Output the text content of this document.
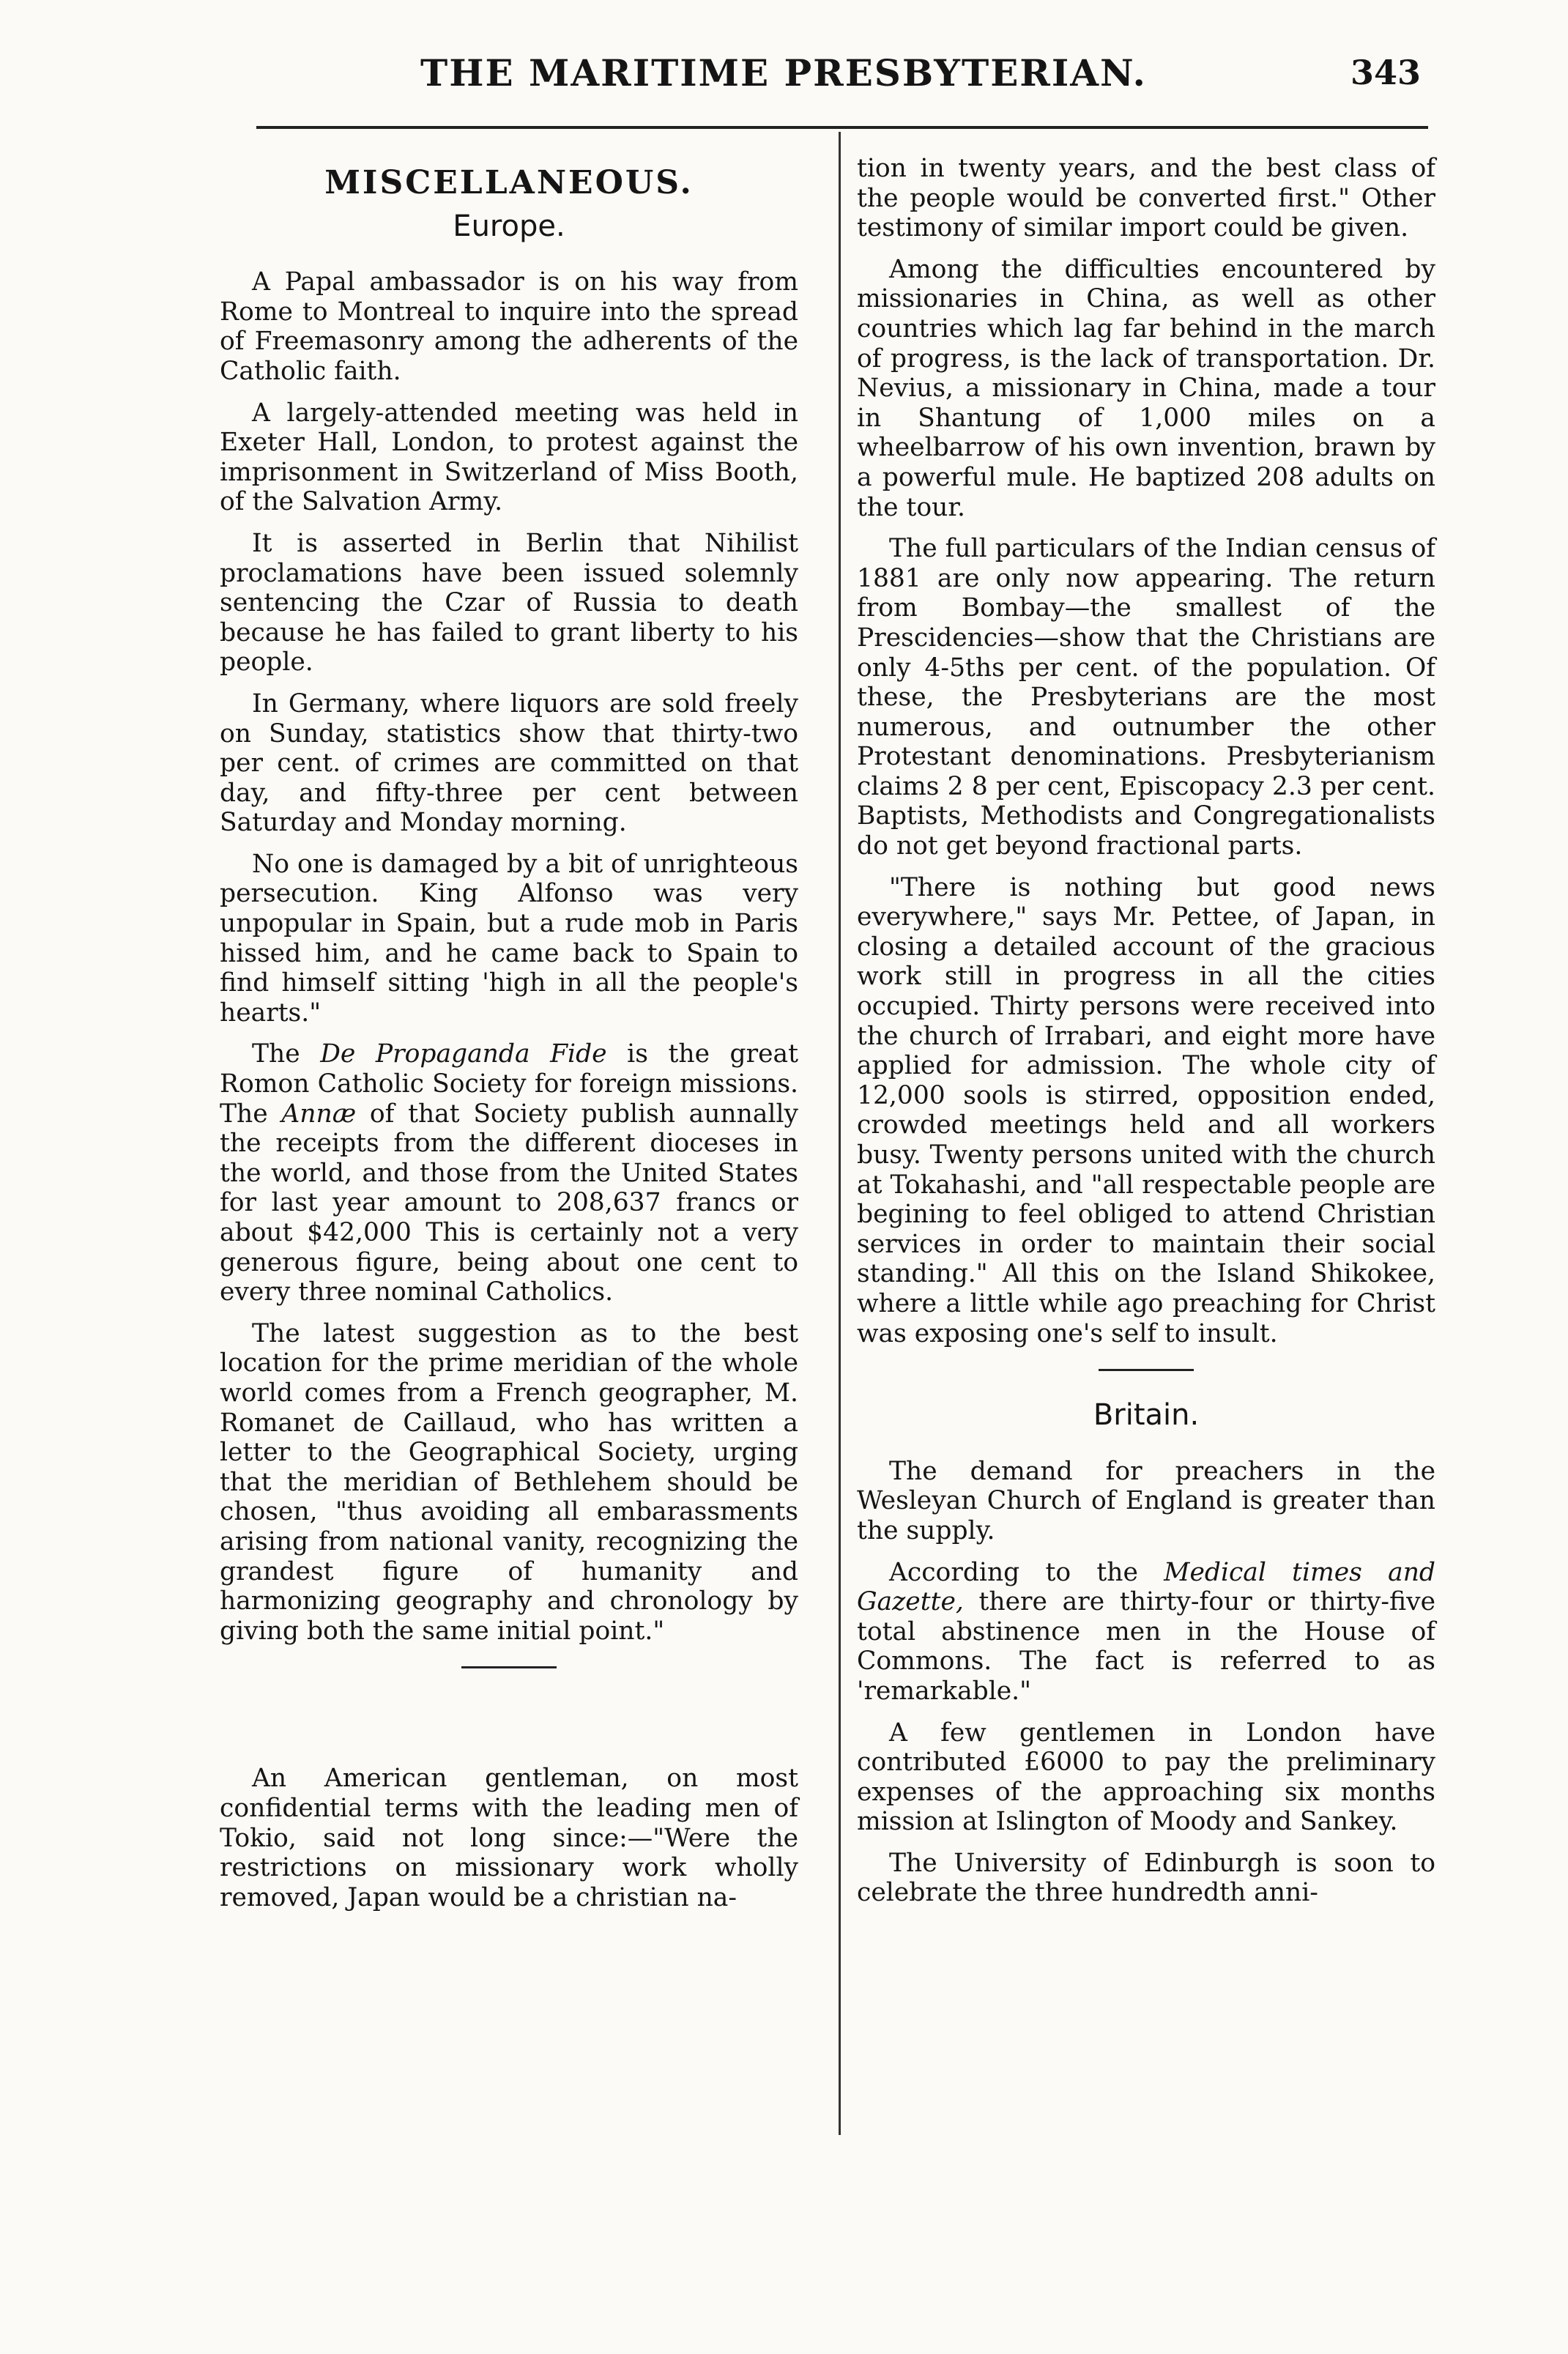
THE MARITIME PRESBYTERIAN.	343
MISCELLANEOUS.
Europe.

A Papal ambassador is on his way from Rome to Montreal to inquire into the spread of Freemasonry among the adherents of the Catholic faith.

A largely-attended meeting was held in Exeter Hall, London, to protest against the imprisonment in Switzerland of Miss Booth, of the Salvation Army.

It is asserted in Berlin that Nihilist proclamations have been issued solemnly sentencing the Czar of Russia to death because he has failed to grant liberty to his people.

In Germany, where liquors are sold freely on Sunday, statistics show that thirty-two per cent. of crimes are committed on that day, and fifty-three per cent between Saturday and Monday morning.

No one is damaged by a bit of unrighteous persecution. King Alfonso was very unpopular in Spain, but a rude mob in Paris hissed him, and he came back to Spain to find himself sitting 'high in all the people's hearts."

The De Propaganda Fide is the great Romon Catholic Society for foreign missions. The Annæ of that Society publish aunnally the receipts from the different dioceses in the world, and those from the United States for last year amount to 208,637 francs or about $42,000 This is certainly not a very generous figure, being about one cent to every three nominal Catholics.

The latest suggestion as to the best location for the prime meridian of the whole world comes from a French geographer, M. Romanet de Caillaud, who has written a letter to the Geographical Society, urging that the meridian of Bethlehem should be chosen, "thus avoiding all embarassments arising from national vanity, recognizing the grandest figure of humanity and harmonizing geography and chronology by giving both the same initial point."

An American gentleman, on most confidential terms with the leading men of Tokio, said not long since:—"Were the restrictions on missionary work wholly removed, Japan would be a christian na-

tion in twenty years, and the best class of the people would be converted first." Other testimony of similar import could be given.

Among the difficulties encountered by missionaries in China, as well as other countries which lag far behind in the march of progress, is the lack of transportation. Dr. Nevius, a missionary in China, made a tour in Shantung of 1,000 miles on a wheelbarrow of his own invention, brawn by a powerful mule. He baptized 208 adults on the tour.

The full particulars of the Indian census of 1881 are only now appearing. The return from Bombay—the smallest of the Prescidencies—show that the Christians are only 4-5ths per cent. of the population. Of these, the Presbyterians are the most numerous, and outnumber the other Protestant denominations. Presbyterianism claims 2 8 per cent, Episcopacy 2.3 per cent. Baptists, Methodists and Congregationalists do not get beyond fractional parts.

"There is nothing but good news everywhere," says Mr. Pettee, of Japan, in closing a detailed account of the gracious work still in progress in all the cities occupied. Thirty persons were received into the church of Irrabari, and eight more have applied for admission. The whole city of 12,000 sools is stirred, opposition ended, crowded meetings held and all workers busy. Twenty persons united with the church at Tokahashi, and "all respectable people are begining to feel obliged to attend Christian services in order to maintain their social standing." All this on the Island Shikokee, where a little while ago preaching for Christ was exposing one's self to insult.

Britain.

The demand for preachers in the Wesleyan Church of England is greater than the supply.

According to the Medical times and Gazette, there are thirty-four or thirty-five total abstinence men in the House of Commons. The fact is referred to as 'remarkable."

A few gentlemen in London have contributed £6000 to pay the preliminary expenses of the approaching six months mission at Islington of Moody and Sankey.

The University of Edinburgh is soon to celebrate the three hundredth anni-
